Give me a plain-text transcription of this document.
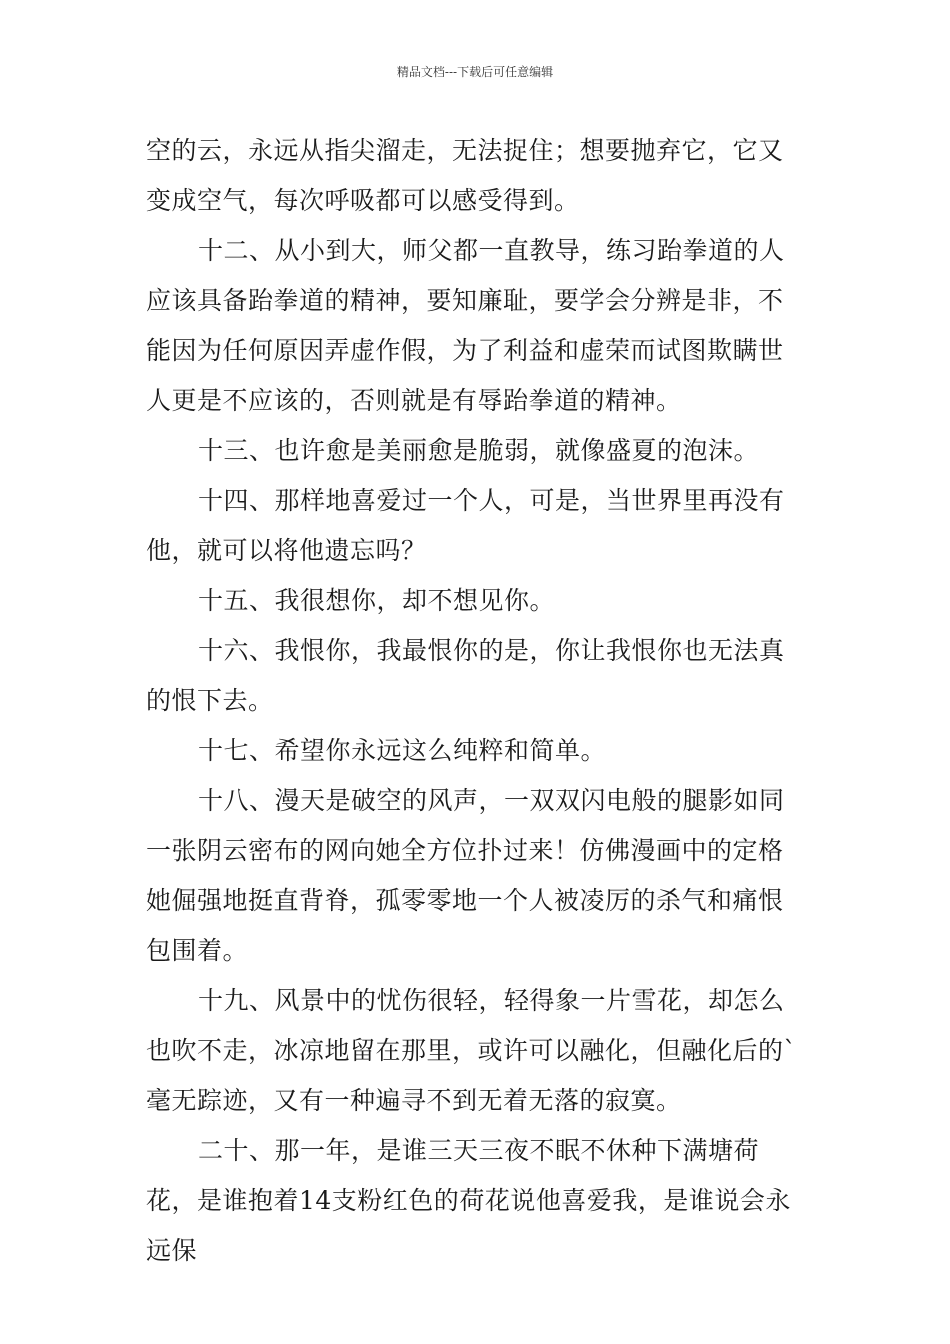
精品文档---下载后可任意编辑

空的云，永远从指尖溜走，无法捉住；想要抛弃它，它又变成空气，每次呼吸都可以感受得到。

十二、从小到大，师父都一直教导，练习跆拳道的人应该具备跆拳道的精神，要知廉耻，要学会分辨是非，不能因为任何原因弄虚作假，为了利益和虚荣而试图欺瞒世人更是不应该的，否则就是有辱跆拳道的精神。

十三、也许愈是美丽愈是脆弱，就像盛夏的泡沫。

十四、那样地喜爱过一个人，可是，当世界里再没有他，就可以将他遗忘吗？

十五、我很想你，却不想见你。

十六、我恨你，我最恨你的是，你让我恨你也无法真的恨下去。

十七、希望你永远这么纯粹和简单。

十八、漫天是破空的风声，一双双闪电般的腿影如同一张阴云密布的网向她全方位扑过来！仿佛漫画中的定格她倔强地挺直背脊，孤零零地一个人被凌厉的杀气和痛恨包围着。

十九、风景中的忧伤很轻，轻得象一片雪花，却怎么也吹不走，冰凉地留在那里，或许可以融化，但融化后的`毫无踪迹，又有一种遍寻不到无着无落的寂寞。

二十、那一年，是谁三天三夜不眠不休种下满塘荷花，是谁抱着14支粉红色的荷花说他喜爱我，是谁说会永远保
